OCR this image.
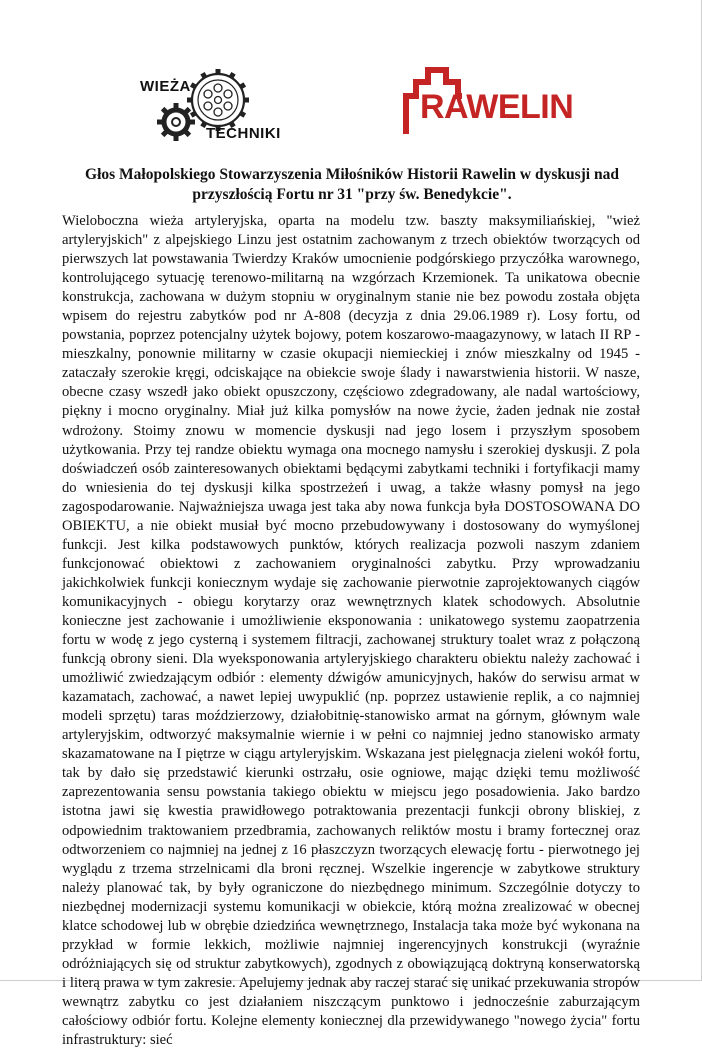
WIEŻA
TECHNIKI
RAWELIN
Głos Małopolskiego Stowarzyszenia Miłośników Historii Rawelin w dyskusji nad przyszłością Fortu nr 31 "przy św. Benedykcie".

Wieloboczna wieża artyleryjska, oparta na modelu tzw. baszty maksymiliańskiej, "wież artyleryjskich" z alpejskiego Linzu jest ostatnim zachowanym z trzech obiektów tworzących od pierwszych lat powstawania Twierdzy Kraków umocnienie podgórskiego przyczółka warownego, kontrolującego sytuację terenowo-militarną na wzgórzach Krzemionek. Ta unikatowa obecnie konstrukcja, zachowana w dużym stopniu w oryginalnym stanie nie bez powodu została objęta wpisem do rejestru zabytków pod nr A-808 (decyzja z dnia 29.06.1989 r). Losy fortu, od powstania, poprzez potencjalny użytek bojowy, potem koszarowo-maagazynowy, w latach II RP - mieszkalny, ponownie militarny w czasie okupacji niemieckiej i znów mieszkalny od 1945 - zataczały szerokie kręgi, odciskające na obiekcie swoje ślady i nawarstwienia historii. W nasze, obecne czasy wszedł jako obiekt opuszczony, częściowo zdegradowany, ale nadal wartościowy, piękny i mocno oryginalny. Miał już kilka pomysłów na nowe życie, żaden jednak nie został wdrożony. Stoimy znowu w momencie dyskusji nad jego losem i przyszłym sposobem użytkowania. Przy tej randze obiektu wymaga ona mocnego namysłu i szerokiej dyskusji. Z pola doświadczeń osób zainteresowanych obiektami będącymi zabytkami techniki i fortyfikacji mamy do wniesienia do tej dyskusji kilka spostrzeżeń i uwag, a także własny pomysł na jego zagospodarowanie. Najważniejsza uwaga jest taka aby nowa funkcja była DOSTOSOWANA DO OBIEKTU, a nie obiekt musiał być mocno przebudowywany i dostosowany do wymyślonej funkcji. Jest kilka podstawowych punktów, których realizacja pozwoli naszym zdaniem funkcjonować obiektowi z zachowaniem oryginalności zabytku. Przy wprowadzaniu jakichkolwiek funkcji koniecznym wydaje się zachowanie pierwotnie zaprojektowanych ciągów komunikacyjnych - obiegu korytarzy oraz wewnętrznych klatek schodowych. Absolutnie konieczne jest zachowanie i umożliwienie eksponowania : unikatowego systemu zaopatrzenia fortu w wodę z jego cysterną i systemem filtracji, zachowanej struktury toalet wraz z połączoną funkcją obrony sieni. Dla wyeksponowania artyleryjskiego charakteru obiektu należy zachować i umożliwić zwiedzającym odbiór : elementy dźwigów amunicyjnych, haków do serwisu armat w kazamatach, zachować, a nawet lepiej uwypuklić (np. poprzez ustawienie replik, a co najmniej modeli sprzętu) taras moździerzowy, działobitnię-stanowisko armat na górnym, głównym wale artyleryjskim, odtworzyć maksymalnie wiernie i w pełni co najmniej jedno stanowisko armaty skazamatowane na I piętrze w ciągu artyleryjskim. Wskazana jest pielęgnacja zieleni wokół fortu, tak by dało się przedstawić kierunki ostrzału, osie ogniowe, mając dzięki temu możliwość zaprezentowania sensu powstania takiego obiektu w miejscu jego posadowienia. Jako bardzo istotna jawi się kwestia prawidłowego potraktowania prezentacji funkcji obrony bliskiej, z odpowiednim traktowaniem przedbramia, zachowanych reliktów mostu i bramy fortecznej oraz odtworzeniem co najmniej na jednej z 16 płaszczyzn tworzących elewację fortu - pierwotnego jej wyglądu z trzema strzelnicami dla broni ręcznej. Wszelkie ingerencje w zabytkowe struktury należy planować tak, by były ograniczone do niezbędnego minimum. Szczególnie dotyczy to niezbędnej modernizacji systemu komunikacji w obiekcie, którą można zrealizować w obecnej klatce schodowej lub w obrębie dziedzińca wewnętrznego, Instalacja taka może być wykonana na przykład w formie lekkich, możliwie najmniej ingerencyjnych konstrukcji (wyraźnie odróżniających się od struktur zabytkowych), zgodnych z obowiązującą doktryną konserwatorską i literą prawa w tym zakresie. Apelujemy jednak aby raczej starać się unikać przekuwania stropów wewnątrz zabytku co jest działaniem niszczącym punktowo i jednocześnie zaburzającym całościowy odbiór fortu. Kolejne elementy koniecznej dla przewidywanego "nowego życia" fortu infrastruktury: sieć
